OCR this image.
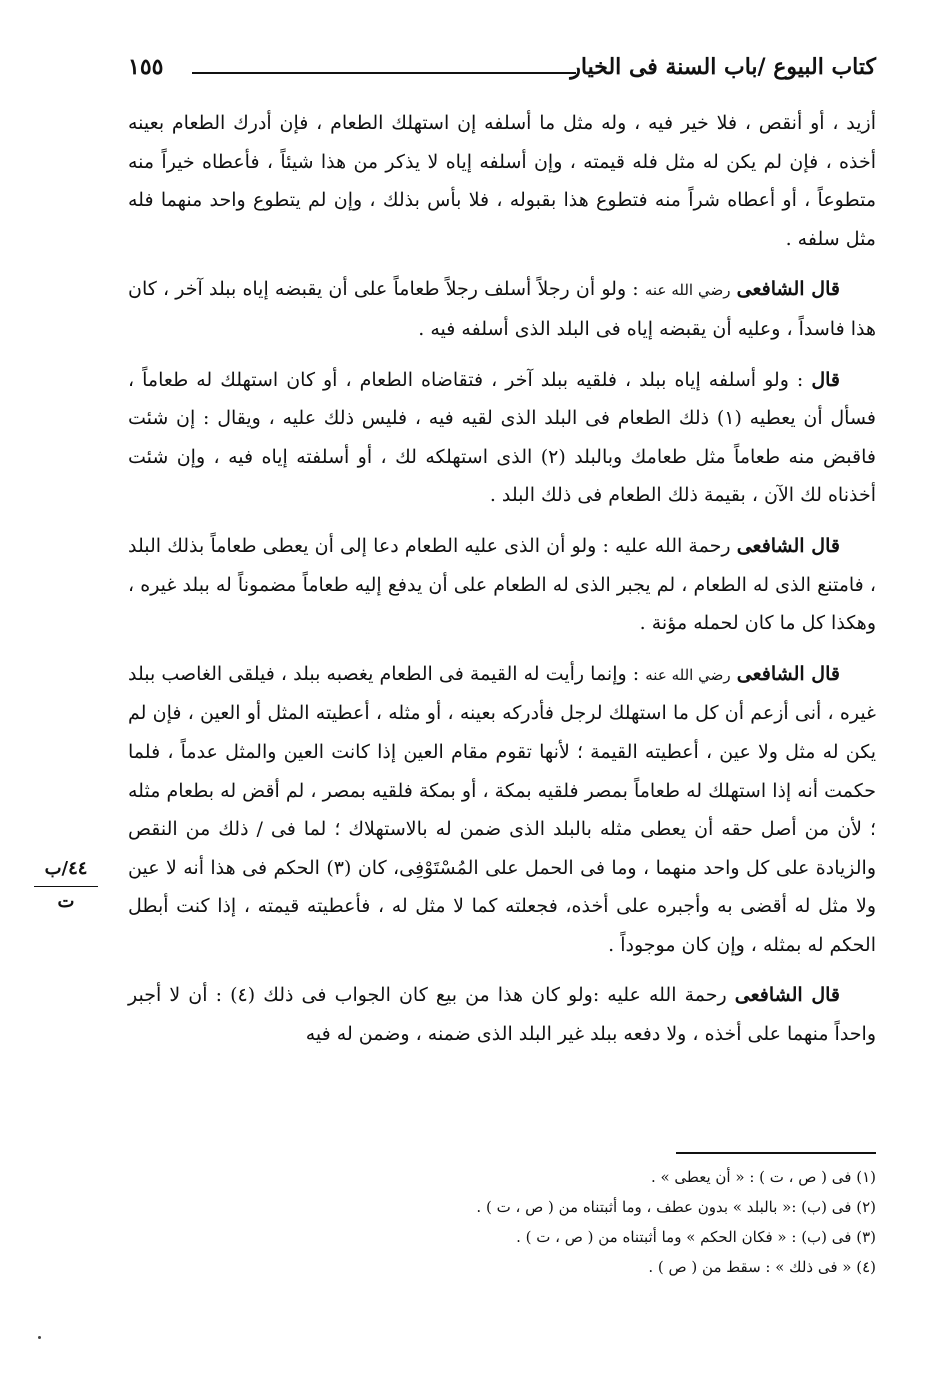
كتاب البيوع /باب السنة فى الخيار
١٥٥

أزيد ، أو أنقص ، فلا خير فيه ، وله مثل ما أسلفه إن استهلك الطعام ، فإن أدرك الطعام بعينه أخذه ، فإن لم يكن له مثل فله قيمته ، وإن أسلفه إياه لا يذكر من هذا شيئاً ، فأعطاه خيراً منه متطوعاً ، أو أعطاه شراً منه فتطوع هذا بقبوله ، فلا بأس بذلك ، وإن لم يتطوع واحد منهما فله مثل سلفه .

قال الشافعى رضي الله عنه : ولو أن رجلاً أسلف رجلاً طعاماً على أن يقبضه إياه ببلد آخر ، كان هذا فاسداً ، وعليه أن يقبضه إياه فى البلد الذى أسلفه فيه .

قال : ولو أسلفه إياه ببلد ، فلقيه ببلد آخر ، فتقاضاه الطعام ، أو كان استهلك له طعاماً ، فسأل أن يعطيه (١) ذلك الطعام فى البلد الذى لقيه فيه ، فليس ذلك عليه ، ويقال : إن شئت فاقبض منه طعاماً مثل طعامك وبالبلد (٢) الذى استهلكه لك ، أو أسلفته إياه فيه ، وإن شئت أخذناه لك الآن ، بقيمة ذلك الطعام فى ذلك البلد .

قال الشافعى رحمة الله عليه : ولو أن الذى عليه الطعام دعا إلى أن يعطى طعاماً بذلك البلد ، فامتنع الذى له الطعام ، لم يجبر الذى له الطعام على أن يدفع إليه طعاماً مضموناً له ببلد غيره ، وهكذا كل ما كان لحمله مؤنة .

قال الشافعى رضي الله عنه : وإنما رأيت له القيمة فى الطعام يغصبه ببلد ، فيلقى الغاصب ببلد غيره ، أنى أزعم أن كل ما استهلك لرجل فأدركه بعينه ، أو مثله ، أعطيته المثل أو العين ، فإن لم يكن له مثل ولا عين ، أعطيته القيمة ؛ لأنها تقوم مقام العين إذا كانت العين والمثل عدماً ، فلما حكمت أنه إذا استهلك له طعاماً بمصر فلقيه بمكة ، أو بمكة فلقيه بمصر ، لم أقض له بطعام مثله ؛ لأن من أصل حقه أن يعطى مثله بالبلد الذى ضمن له بالاستهلاك ؛ لما فى / ذلك من النقص والزيادة على كل واحد منهما ، وما فى الحمل على المُسْتَوْفِى، كان (٣) الحكم فى هذا أنه لا عين ولا مثل له أقضى به وأجبره على أخذه، فجعلته كما لا مثل له ، فأعطيته قيمته ، إذا كنت أبطل الحكم له بمثله ، وإن كان موجوداً .

قال الشافعى رحمة الله عليه :ولو كان هذا من بيع كان الجواب فى ذلك (٤) : أن لا أجبر واحداً منهما على أخذه ، ولا دفعه ببلد غير البلد الذى ضمنه ، وضمن له فيه

٤٤/ب
ت

(١) فى ( ص ، ت ) : « أن يعطى » .

(٢) فى (ب) :« بالبلد » بدون عطف ، وما أثبتناه من ( ص ، ت ) .

(٣) فى (ب) : « فكان الحكم » وما أثبتناه من ( ص ، ت ) .

(٤) « فى ذلك » : سقط من ( ص ) .
